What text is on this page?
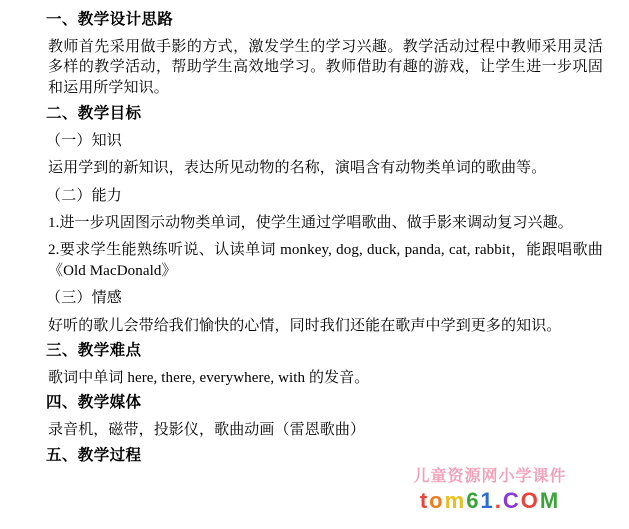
一、教学设计思路
教师首先采用做手影的方式，激发学生的学习兴趣。教学活动过程中教师采用灵活多样的教学活动，帮助学生高效地学习。教师借助有趣的游戏，让学生进一步巩固和运用所学知识。
二、教学目标
（一）知识
运用学到的新知识，表达所见动物的名称，演唱含有动物类单词的歌曲等。
（二）能力
1.进一步巩固图示动物类单词，使学生通过学唱歌曲、做手影来调动复习兴趣。
2.要求学生能熟练听说、认读单词 monkey, dog, duck, panda, cat, rabbit，能跟唱歌曲《Old MacDonald》
（三）情感
好听的歌儿会带给我们愉快的心情，同时我们还能在歌声中学到更多的知识。
三、教学难点
歌词中单词 here, there, everywhere, with 的发音。
四、教学媒体
录音机，磁带，投影仪，歌曲动画（雷恩歌曲）
五、教学过程
儿童资源网小学课件
tom61.COM
